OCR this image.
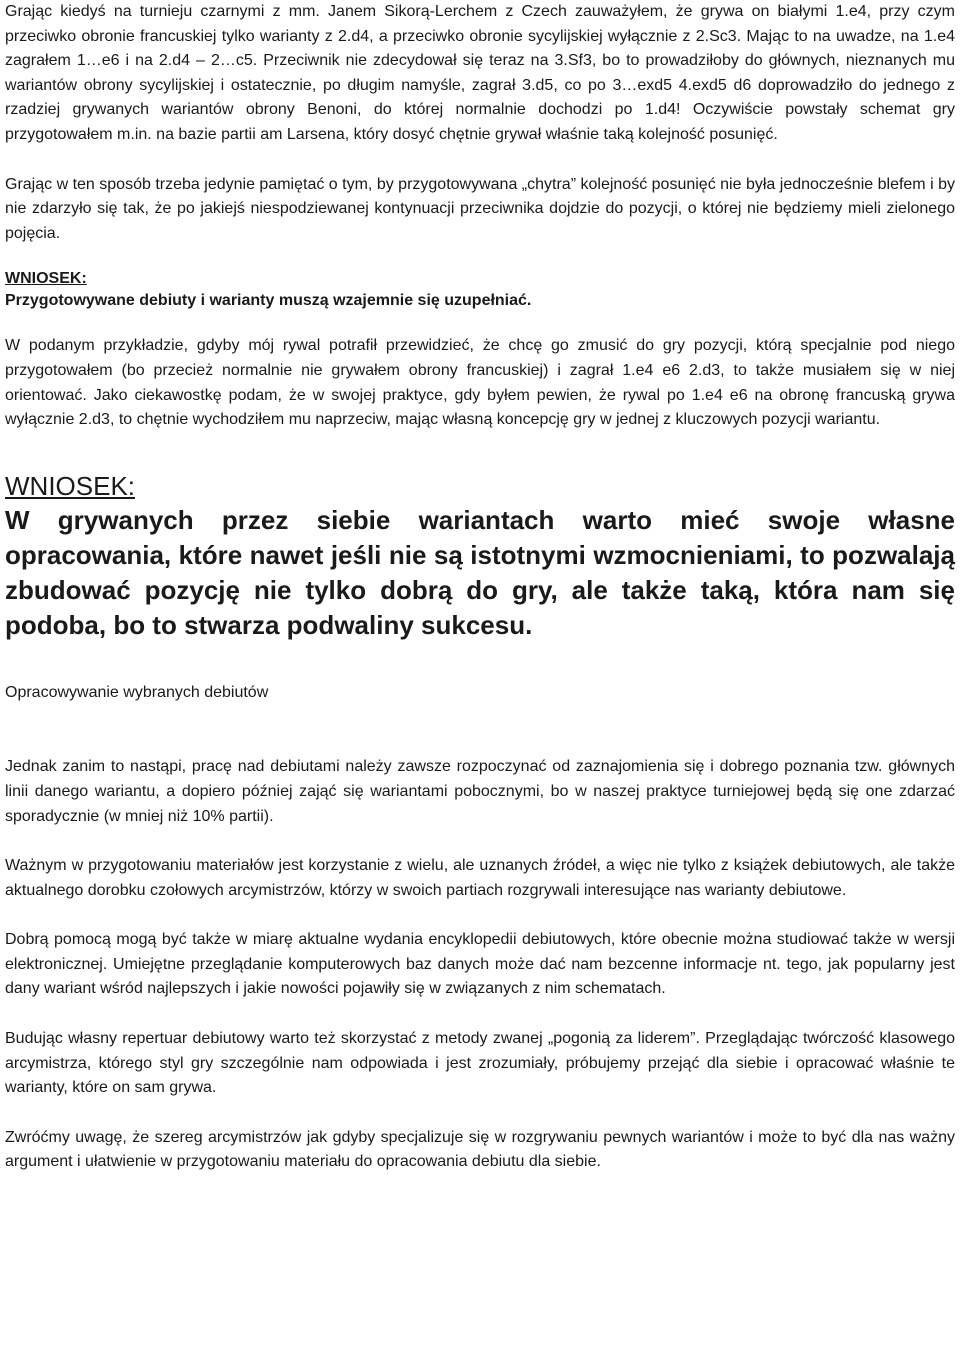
Grając kiedyś na turnieju czarnymi z mm. Janem Sikorą-Lerchem z Czech zauważyłem, że grywa on białymi 1.e4, przy czym przeciwko obronie francuskiej tylko warianty z 2.d4, a przeciwko obronie sycylijskiej wyłącznie z 2.Sc3. Mając to na uwadze, na 1.e4 zagrałem 1…e6 i na 2.d4 – 2…c5. Przeciwnik nie zdecydował się teraz na 3.Sf3, bo to prowadziłoby do głównych, nieznanych mu wariantów obrony sycylijskiej i ostatecznie, po długim namyśle, zagrał 3.d5, co po 3…exd5 4.exd5 d6 doprowadziło do jednego z rzadziej grywanych wariantów obrony Benoni, do której normalnie dochodzi po 1.d4! Oczywiście powstały schemat gry przygotowałem m.in. na bazie partii am Larsena, który dosyć chętnie grywał właśnie taką kolejność posunięć.

Grając w ten sposób trzeba jedynie pamiętać o tym, by przygotowywana „chytra” kolejność posunięć nie była jednocześnie blefem i by nie zdarzyło się tak, że po jakiejś niespodziewanej kontynuacji przeciwnika dojdzie do pozycji, o której nie będziemy mieli zielonego pojęcia.

WNIOSEK:
Przygotowywane debiuty i warianty muszą wzajemnie się uzupełniać.

W podanym przykładzie, gdyby mój rywal potrafił przewidzieć, że chcę go zmusić do gry pozycji, którą specjalnie pod niego przygotowałem (bo przecież normalnie nie grywałem obrony francuskiej) i zagrał 1.e4 e6 2.d3, to także musiałem się w niej orientować. Jako ciekawostkę podam, że w swojej praktyce, gdy byłem pewien, że rywal po 1.e4 e6 na obronę francuską grywa wyłącznie 2.d3, to chętnie wychodziłem mu naprzeciw, mając własną koncepcję gry w jednej z kluczowych pozycji wariantu.

WNIOSEK:
W grywanych przez siebie wariantach warto mieć swoje własne opracowania, które nawet jeśli nie są istotnymi wzmocnieniami, to pozwalają zbudować pozycję nie tylko dobrą do gry, ale także taką, która nam się podoba, bo to stwarza podwaliny sukcesu.

Opracowywanie wybranych debiutów

Jednak zanim to nastąpi, pracę nad debiutami należy zawsze rozpoczynać od zaznajomienia się i dobrego poznania tzw. głównych linii danego wariantu, a dopiero później zająć się wariantami pobocznymi, bo w naszej praktyce turniejowej będą się one zdarzać sporadycznie (w mniej niż 10% partii).

Ważnym w przygotowaniu materiałów jest korzystanie z wielu, ale uznanych źródeł, a więc nie tylko z książek debiutowych, ale także aktualnego dorobku czołowych arcymistrzów, którzy w swoich partiach rozgrywali interesujące nas warianty debiutowe.

Dobrą pomocą mogą być także w miarę aktualne wydania encyklopedii debiutowych, które obecnie można studiować także w wersji elektronicznej. Umiejętne przeglądanie komputerowych baz danych może dać nam bezcenne informacje nt. tego, jak popularny jest dany wariant wśród najlepszych i jakie nowości pojawiły się w związanych z nim schematach.

Budując własny repertuar debiutowy warto też skorzystać z metody zwanej „pogonią za liderem”. Przeglądając twórczość klasowego arcymistrza, którego styl gry szczególnie nam odpowiada i jest zrozumiały, próbujemy przejąć dla siebie i opracować właśnie te warianty, które on sam grywa.

Zwróćmy uwagę, że szereg arcymistrzów jak gdyby specjalizuje się w rozgrywaniu pewnych wariantów i może to być dla nas ważny argument i ułatwienie w przygotowaniu materiału do opracowania debiutu dla siebie.
